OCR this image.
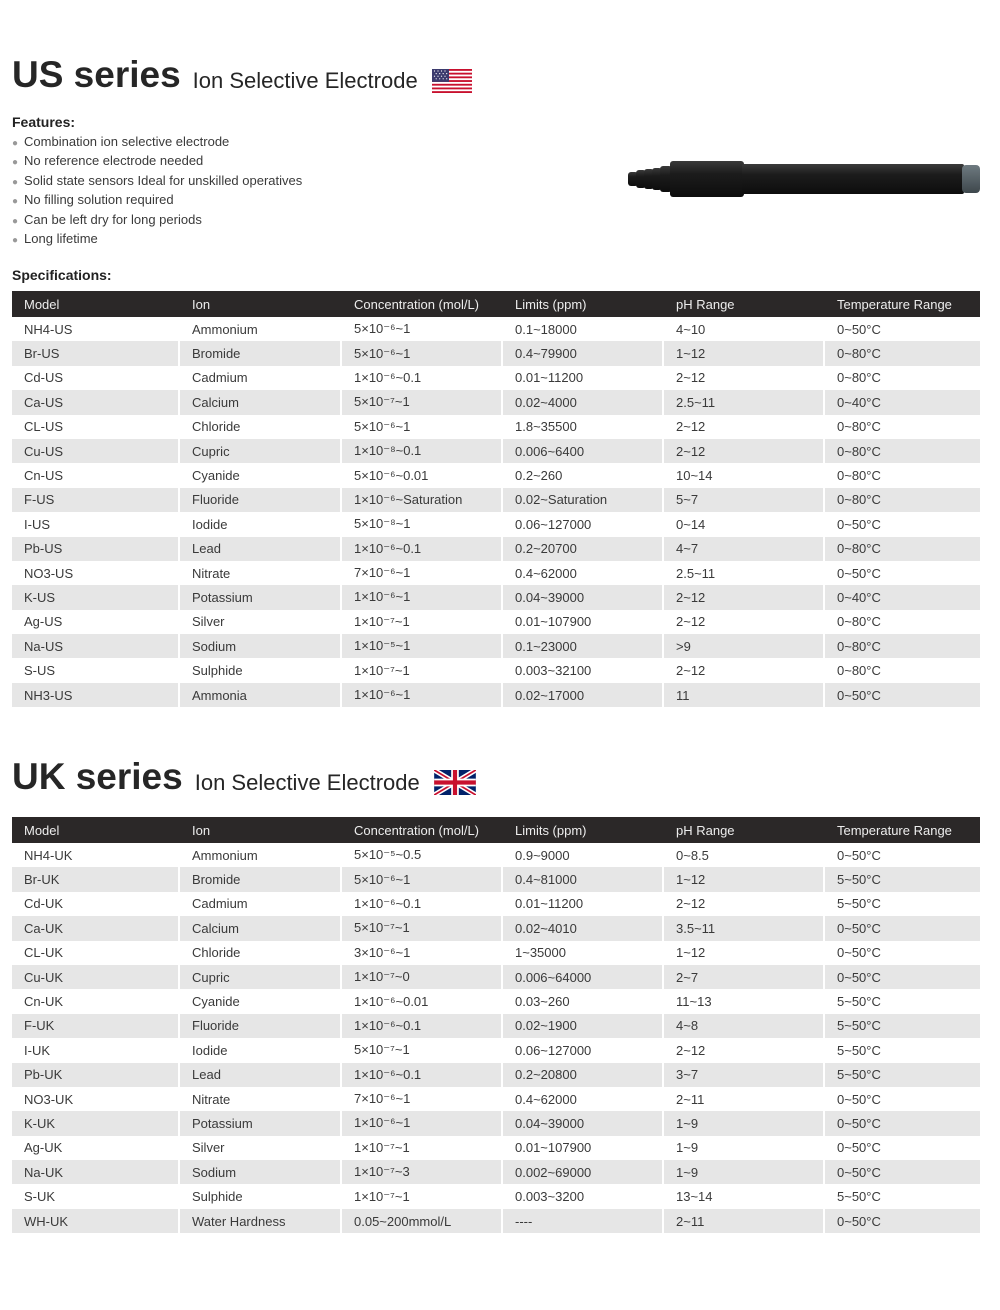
US series Ion Selective Electrode
Features:
● Combination ion selective electrode
● No reference electrode needed
● Solid state sensors Ideal for unskilled operatives
● No filling solution required
● Can be left dry for long periods
● Long lifetime
Specifications:
Model	Ion	Concentration (mol/L)	Limits (ppm)	pH Range	Temperature Range
NH4-US	Ammonium	5×10⁻⁶~1	0.1~18000	4~10	0~50°C
Br-US	Bromide	5×10⁻⁶~1	0.4~79900	1~12	0~80°C
Cd-US	Cadmium	1×10⁻⁶~0.1	0.01~11200	2~12	0~80°C
Ca-US	Calcium	5×10⁻⁷~1	0.02~4000	2.5~11	0~40°C
CL-US	Chloride	5×10⁻⁶~1	1.8~35500	2~12	0~80°C
Cu-US	Cupric	1×10⁻⁸~0.1	0.006~6400	2~12	0~80°C
Cn-US	Cyanide	5×10⁻⁶~0.01	0.2~260	10~14	0~80°C
F-US	Fluoride	1×10⁻⁶~Saturation	0.02~Saturation	5~7	0~80°C
I-US	Iodide	5×10⁻⁸~1	0.06~127000	0~14	0~50°C
Pb-US	Lead	1×10⁻⁶~0.1	0.2~20700	4~7	0~80°C
NO3-US	Nitrate	7×10⁻⁶~1	0.4~62000	2.5~11	0~50°C
K-US	Potassium	1×10⁻⁶~1	0.04~39000	2~12	0~40°C
Ag-US	Silver	1×10⁻⁷~1	0.01~107900	2~12	0~80°C
Na-US	Sodium	1×10⁻⁵~1	0.1~23000	>9	0~80°C
S-US	Sulphide	1×10⁻⁷~1	0.003~32100	2~12	0~80°C
NH3-US	Ammonia	1×10⁻⁶~1	0.02~17000	11	0~50°C
UK series Ion Selective Electrode
Model	Ion	Concentration (mol/L)	Limits (ppm)	pH Range	Temperature Range
NH4-UK	Ammonium	5×10⁻⁵~0.5	0.9~9000	0~8.5	0~50°C
Br-UK	Bromide	5×10⁻⁶~1	0.4~81000	1~12	5~50°C
Cd-UK	Cadmium	1×10⁻⁶~0.1	0.01~11200	2~12	5~50°C
Ca-UK	Calcium	5×10⁻⁷~1	0.02~4010	3.5~11	0~50°C
CL-UK	Chloride	3×10⁻⁶~1	1~35000	1~12	0~50°C
Cu-UK	Cupric	1×10⁻⁷~0	0.006~64000	2~7	0~50°C
Cn-UK	Cyanide	1×10⁻⁶~0.01	0.03~260	11~13	5~50°C
F-UK	Fluoride	1×10⁻⁶~0.1	0.02~1900	4~8	5~50°C
I-UK	Iodide	5×10⁻⁷~1	0.06~127000	2~12	5~50°C
Pb-UK	Lead	1×10⁻⁶~0.1	0.2~20800	3~7	5~50°C
NO3-UK	Nitrate	7×10⁻⁶~1	0.4~62000	2~11	0~50°C
K-UK	Potassium	1×10⁻⁶~1	0.04~39000	1~9	0~50°C
Ag-UK	Silver	1×10⁻⁷~1	0.01~107900	1~9	0~50°C
Na-UK	Sodium	1×10⁻⁷~3	0.002~69000	1~9	0~50°C
S-UK	Sulphide	1×10⁻⁷~1	0.003~3200	13~14	5~50°C
WH-UK	Water Hardness	0.05~200mmol/L	----	2~11	0~50°C
